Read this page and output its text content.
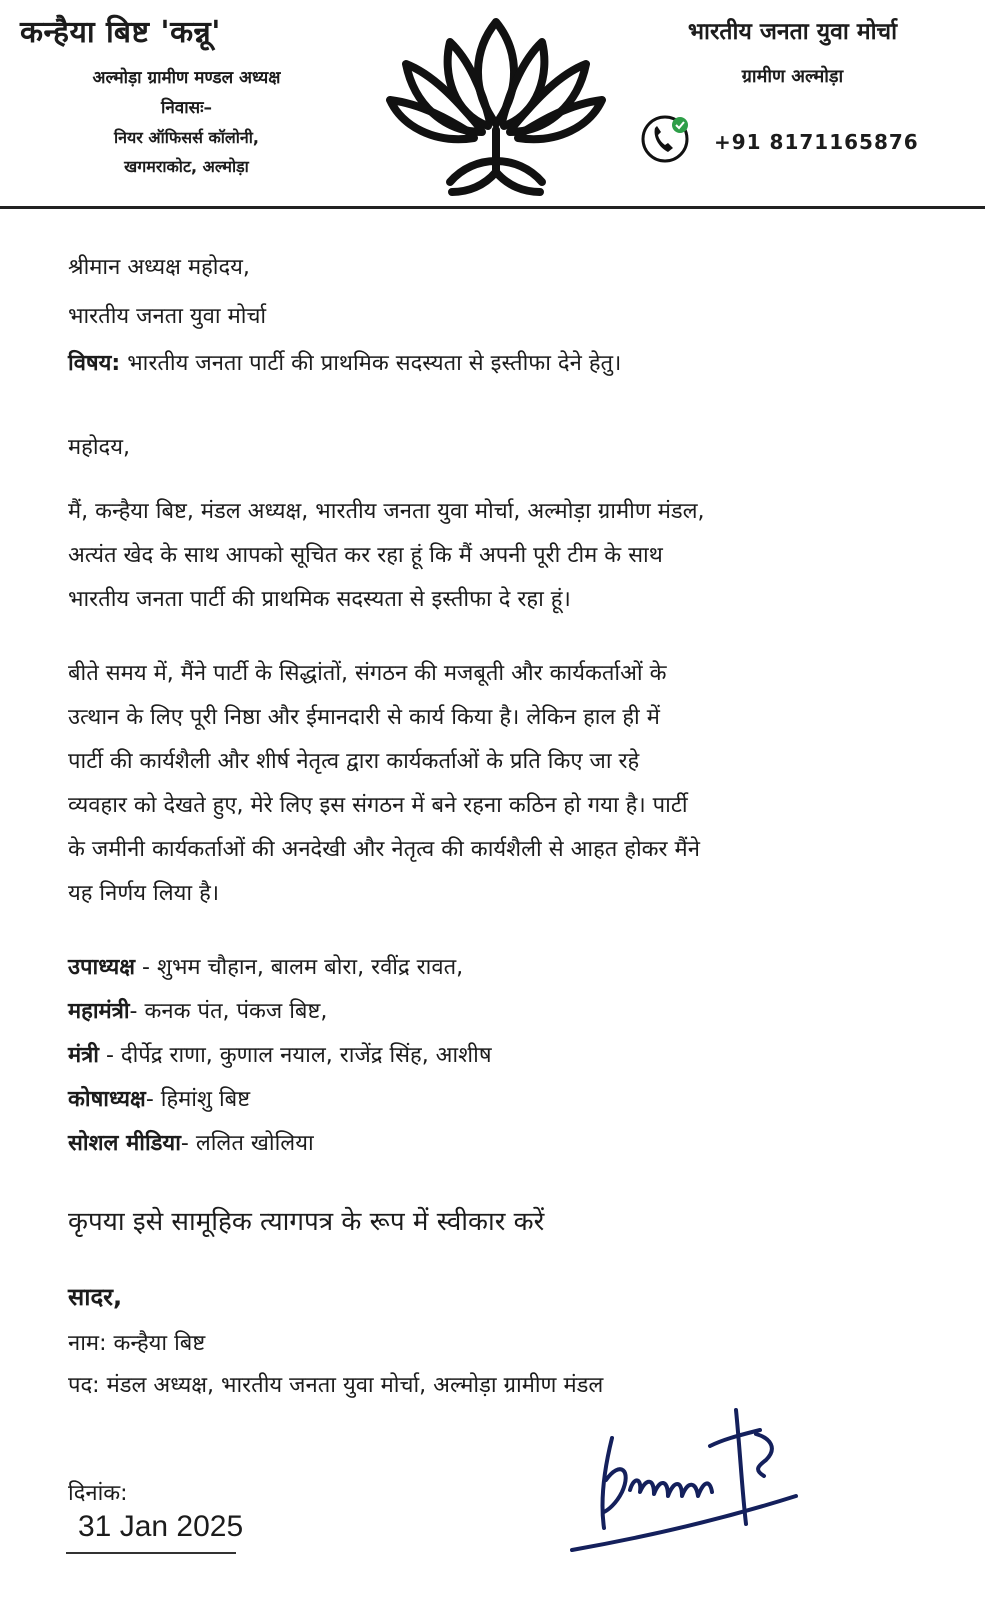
कन्हैया बिष्ट 'कन्नू'
अल्मोड़ा ग्रामीण मण्डल अध्यक्ष
निवासः–
नियर ऑफिसर्स कॉलोनी,
खगमराकोट, अल्मोड़ा
भारतीय जनता युवा मोर्चा
ग्रामीण अल्मोड़ा
+91 8171165876
श्रीमान अध्यक्ष महोदय,
भारतीय जनता युवा मोर्चा
विषय: भारतीय जनता पार्टी की प्राथमिक सदस्यता से इस्तीफा देने हेतु।
महोदय,
मैं, कन्हैया बिष्ट, मंडल अध्यक्ष, भारतीय जनता युवा मोर्चा, अल्मोड़ा ग्रामीण मंडल,
अत्यंत खेद के साथ आपको सूचित कर रहा हूं कि मैं अपनी पूरी टीम के साथ
भारतीय जनता पार्टी की प्राथमिक सदस्यता से इस्तीफा दे रहा हूं।
बीते समय में, मैंने पार्टी के सिद्धांतों, संगठन की मजबूती और कार्यकर्ताओं के
उत्थान के लिए पूरी निष्ठा और ईमानदारी से कार्य किया है। लेकिन हाल ही में
पार्टी की कार्यशैली और शीर्ष नेतृत्व द्वारा कार्यकर्ताओं के प्रति किए जा रहे
व्यवहार को देखते हुए, मेरे लिए इस संगठन में बने रहना कठिन हो गया है। पार्टी
के जमीनी कार्यकर्ताओं की अनदेखी और नेतृत्व की कार्यशैली से आहत होकर मैंने
यह निर्णय लिया है।
उपाध्यक्ष - शुभम चौहान, बालम बोरा, रवींद्र रावत,
महामंत्री- कनक पंत, पंकज बिष्ट,
मंत्री - दीर्पेद्र राणा, कुणाल नयाल, राजेंद्र सिंह, आशीष
कोषाध्यक्ष- हिमांशु बिष्ट
सोशल मीडिया- ललित खोलिया
कृपया इसे सामूहिक त्यागपत्र के रूप में स्वीकार करें
सादर,
नाम: कन्हैया बिष्ट
पद: मंडल अध्यक्ष, भारतीय जनता युवा मोर्चा, अल्मोड़ा ग्रामीण मंडल
दिनांक:
31 Jan 2025
